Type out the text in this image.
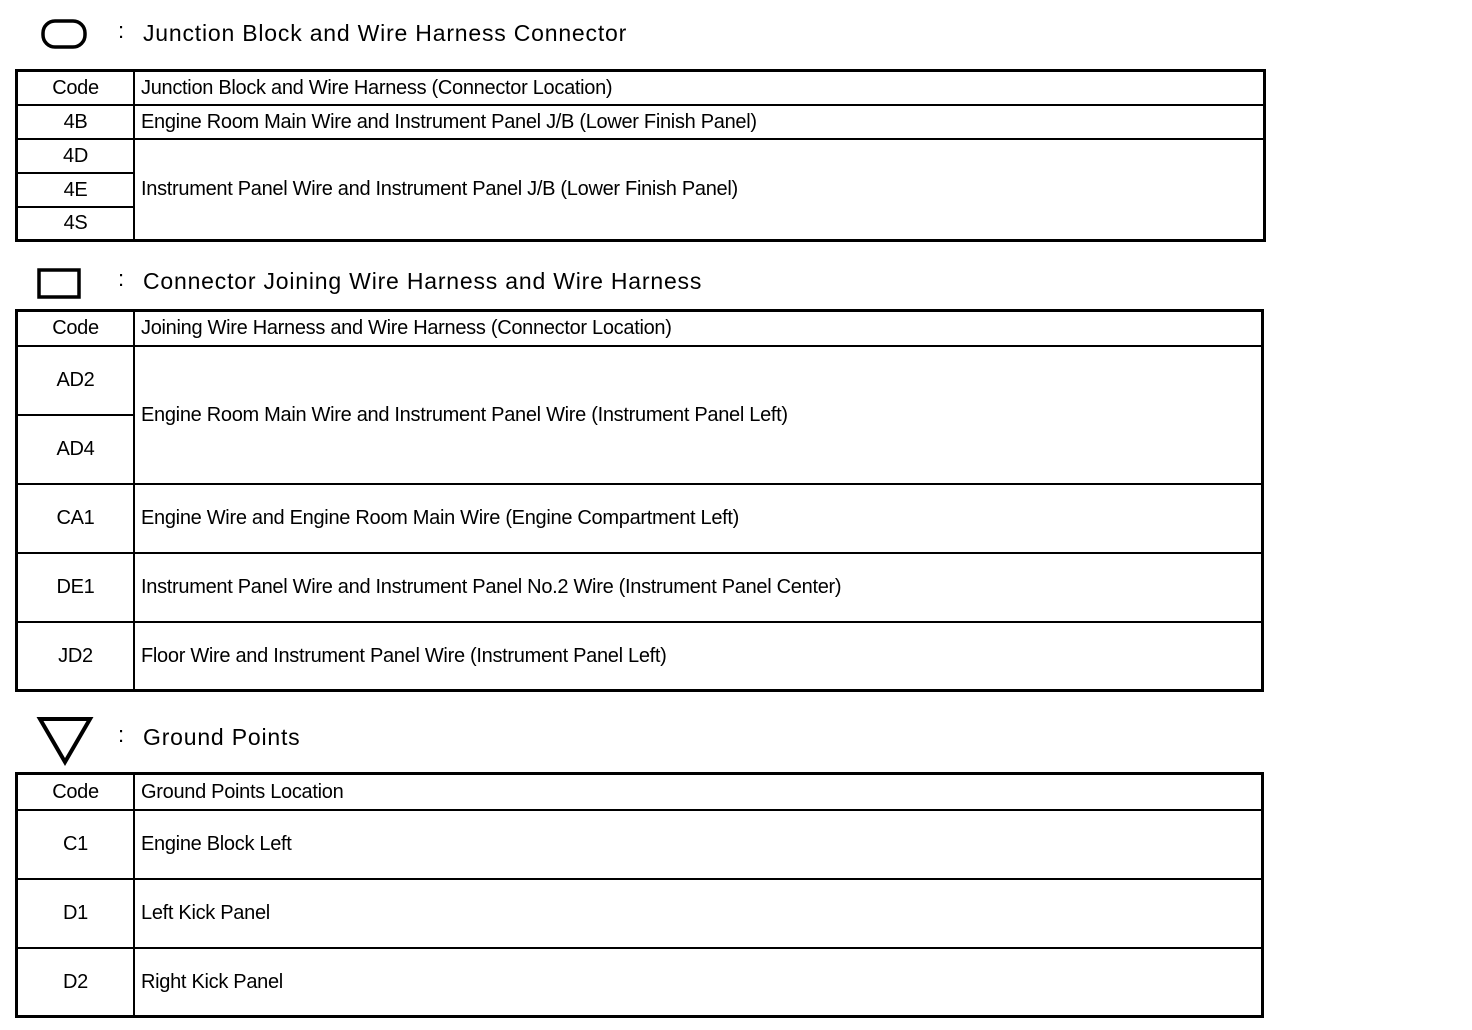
: Junction Block and Wire Harness Connector
Code	Junction Block and Wire Harness (Connector Location)
4B	Engine Room Main Wire and Instrument Panel J/B (Lower Finish Panel)
4D	Instrument Panel Wire and Instrument Panel J/B (Lower Finish Panel)
4E	
4S	
: Connector Joining Wire Harness and Wire Harness
Code	Joining Wire Harness and Wire Harness (Connector Location)
AD2	Engine Room Main Wire and Instrument Panel Wire (Instrument Panel Left)
AD4	
CA1	Engine Wire and Engine Room Main Wire (Engine Compartment Left)
DE1	Instrument Panel Wire and Instrument Panel No.2 Wire (Instrument Panel Center)
JD2	Floor Wire and Instrument Panel Wire (Instrument Panel Left)
: Ground Points
Code	Ground Points Location
C1	Engine Block Left
D1	Left Kick Panel
D2	Right Kick Panel
